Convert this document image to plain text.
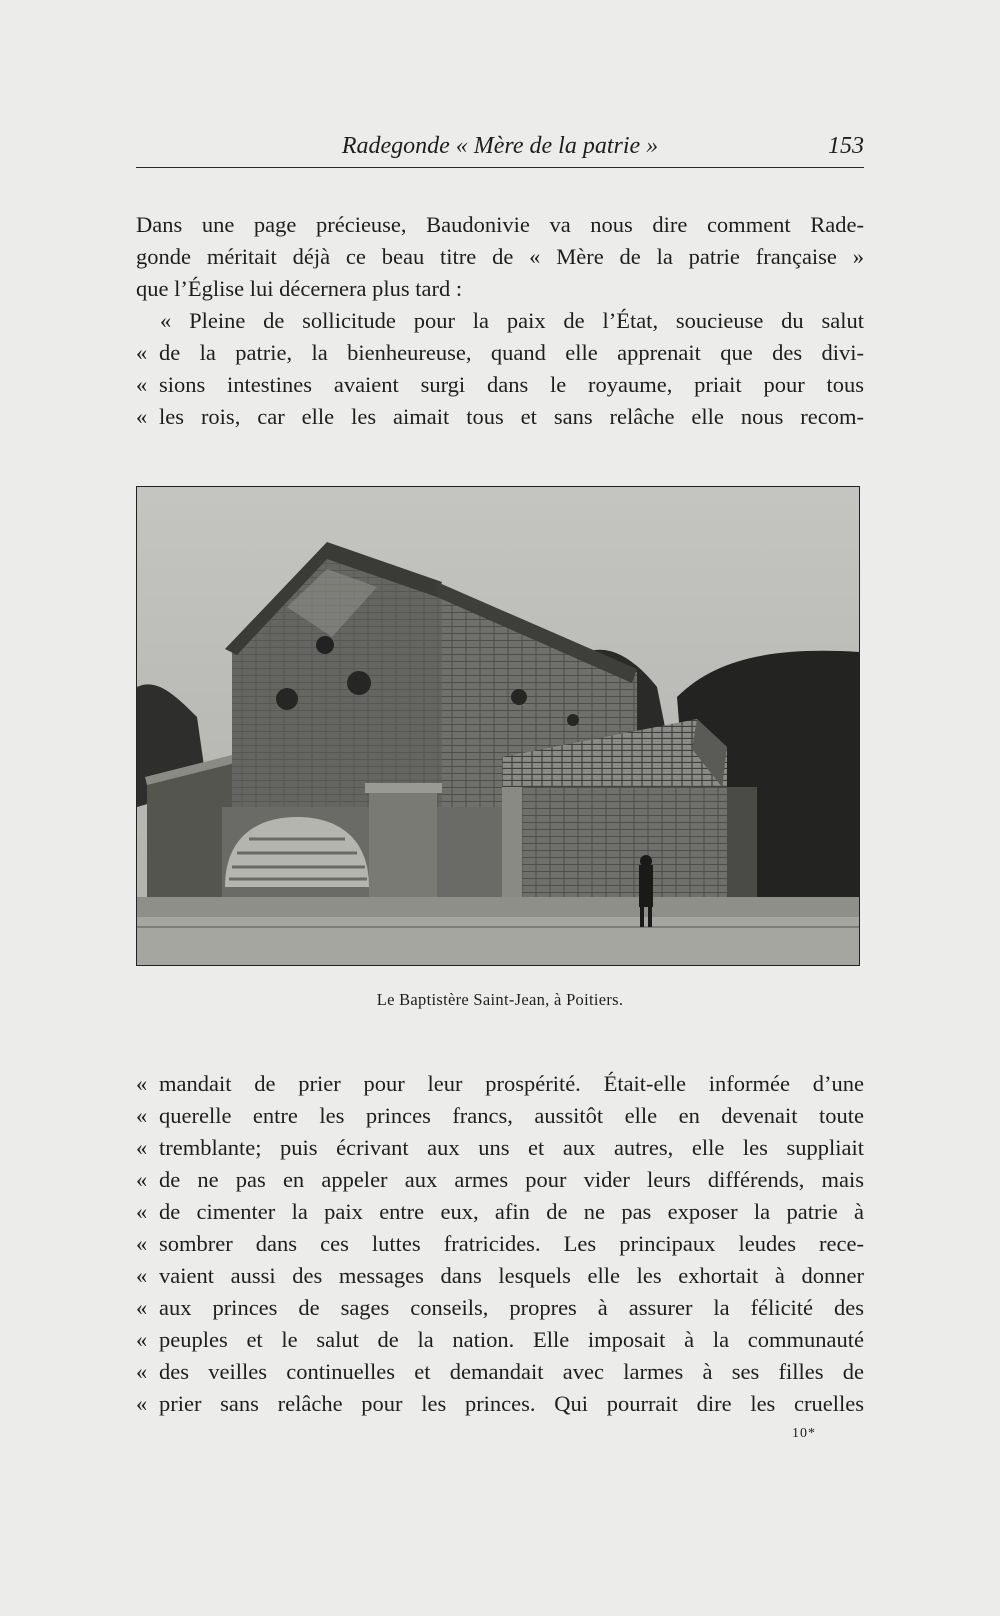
Radegonde « Mère de la patrie »	153
Dans une page précieuse, Baudonivie va nous dire comment Rade-
gonde méritait déjà ce beau titre de « Mère de la patrie française »
que l’Église lui décernera plus tard :
« Pleine de sollicitude pour la paix de l’État, soucieuse du salut
« de la patrie, la bienheureuse, quand elle apprenait que des divi-
« sions intestines avaient surgi dans le royaume, priait pour tous
« les rois, car elle les aimait tous et sans relâche elle nous recom-
Le Baptistère Saint-Jean, à Poitiers.
« mandait de prier pour leur prospérité. Était-elle informée d’une
« querelle entre les princes francs, aussitôt elle en devenait toute
« tremblante; puis écrivant aux uns et aux autres, elle les suppliait
« de ne pas en appeler aux armes pour vider leurs différends, mais
« de cimenter la paix entre eux, afin de ne pas exposer la patrie à
« sombrer dans ces luttes fratricides. Les principaux leudes rece-
« vaient aussi des messages dans lesquels elle les exhortait à donner
« aux princes de sages conseils, propres à assurer la félicité des
« peuples et le salut de la nation. Elle imposait à la communauté
« des veilles continuelles et demandait avec larmes à ses filles de
« prier sans relâche pour les princes. Qui pourrait dire les cruelles
10*
